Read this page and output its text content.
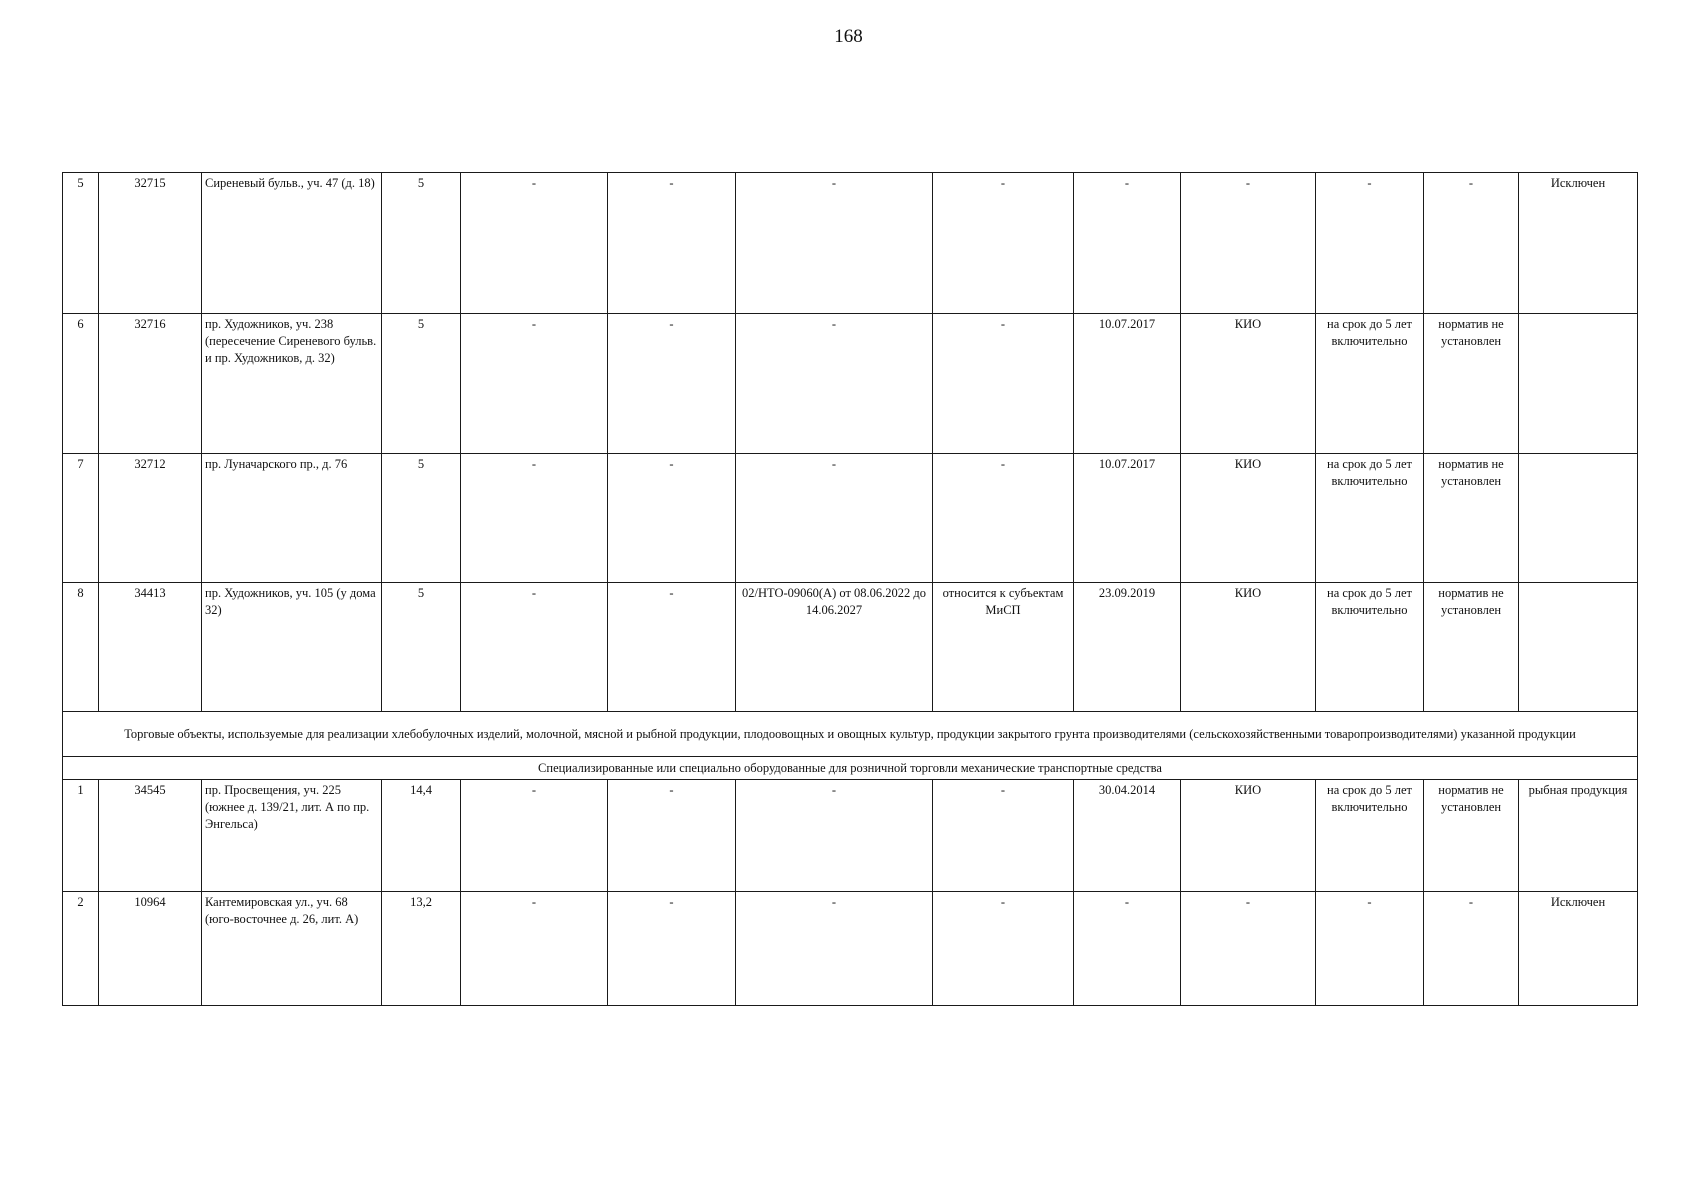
168
5	32715	Сиреневый бульв., уч. 47 (д. 18)	5	-	-	-	-	-	-	-	-	Исключен
6	32716	пр. Художников, уч. 238 (пересечение Сиреневого бульв. и пр. Художников, д. 32)	5	-	-	-	-	10.07.2017	КИО	на срок до 5 лет включительно	норматив не установлен	
7	32712	пр. Луначарского пр., д. 76	5	-	-	-	-	10.07.2017	КИО	на срок до 5 лет включительно	норматив не установлен	
8	34413	пр. Художников, уч. 105 (у дома 32)	5	-	-	02/НТО-09060(А) от 08.06.2022 до 14.06.2027	относится к субъектам МиСП	23.09.2019	КИО	на срок до 5 лет включительно	норматив не установлен	
Торговые объекты, используемые для реализации хлебобулочных изделий, молочной, мясной и рыбной продукции, плодоовощных и овощных культур, продукции закрытого грунта производителями (сельскохозяйственными товаропроизводителями) указанной продукции												
Специализированные или специально оборудованные для розничной торговли механические транспортные средства												
1	34545	пр. Просвещения, уч. 225 (южнее д. 139/21, лит. А по пр. Энгельса)	14,4	-	-	-	-	30.04.2014	КИО	на срок до 5 лет включительно	норматив не установлен	рыбная продукция
2	10964	Кантемировская ул., уч. 68 (юго-восточнее д. 26, лит. А)	13,2	-	-	-	-	-	-	-	-	Исключен
